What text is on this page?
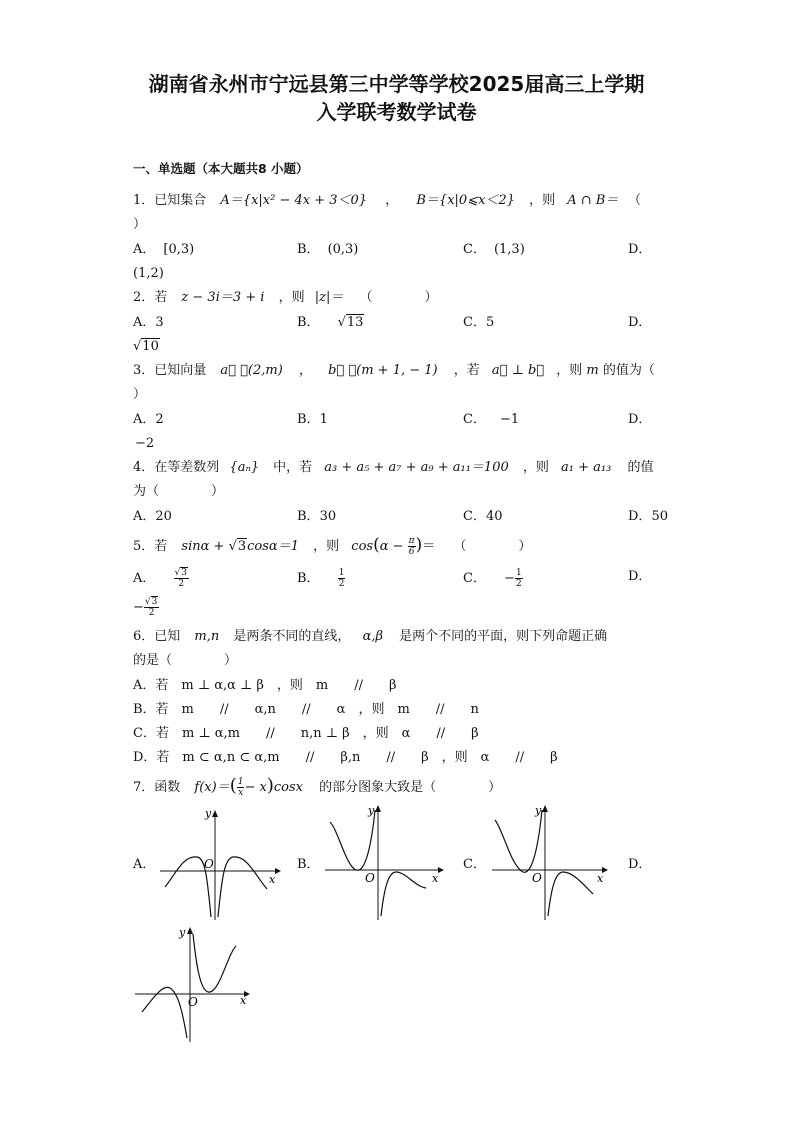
湖南省永州市宁远县第三中学等学校2025届高三上学期
入学联考数学试卷
一、单选题（本大题共8 小题）
1．已知集合 A＝{x|x² − 4x + 3＜0} ， B＝{x|0⩽x＜2} ，则 A ∩ B＝ （
）
A． [0,3)	B． (0,3)	C． (1,3)	D．
(1,2)
2．若 z − 3i＝3 + i ，则 |z|＝ （　　　　）
A．3	B． √13	C．5	D．
√10
3．已知向量 a⃗ ＝(2,m) ， b⃗ ＝(m + 1, − 1) ，若 a⃗ ⊥ b⃗ ，则 m 的值为（
）
A．2	B．1	C． −1	D．
−2
4．在等差数列 {aₙ} 中，若 a₃ + a₅ + a₇ + a₉ + a₁₁＝100 ，则 a₁ + a₁₃ 的值
为（　　　　）
A．20	B．30	C．40	D．50
5．若 sinα + √3cosα＝1 ，则 $\cos(\alpha - \frac{\pi}{6}$ )＝ （　　　　）
A． $\frac{√3}{2}$	B． $\frac{1}{2}$	C． − $\frac{1}{2}$	D．
− $\frac{√3}{2}$
6．已知 m,n 是两条不同的直线， α,β 是两个不同的平面，则下列命题正确
的是（　　　　）
A．若　m ⊥ α,α ⊥ β　，则　m　　//　　β
B．若　m　　//　　α,n　　//　　α　，则　m　　//　　n
C．若　m ⊥ α,m　　//　　n,n ⊥ β　，则　α　　//　　β
D．若　m ⊂ α,n ⊂ α,m　　//　　β,n　　//　　β　，则　α　　//　　β
7．函数 $f(x)=( \frac{1}{x} - x)\cos x$ 的部分图象大致是（　　　　）
A．	B．	C．	D．
O
x
y
O	x
y
O	x
y
O	x
y
